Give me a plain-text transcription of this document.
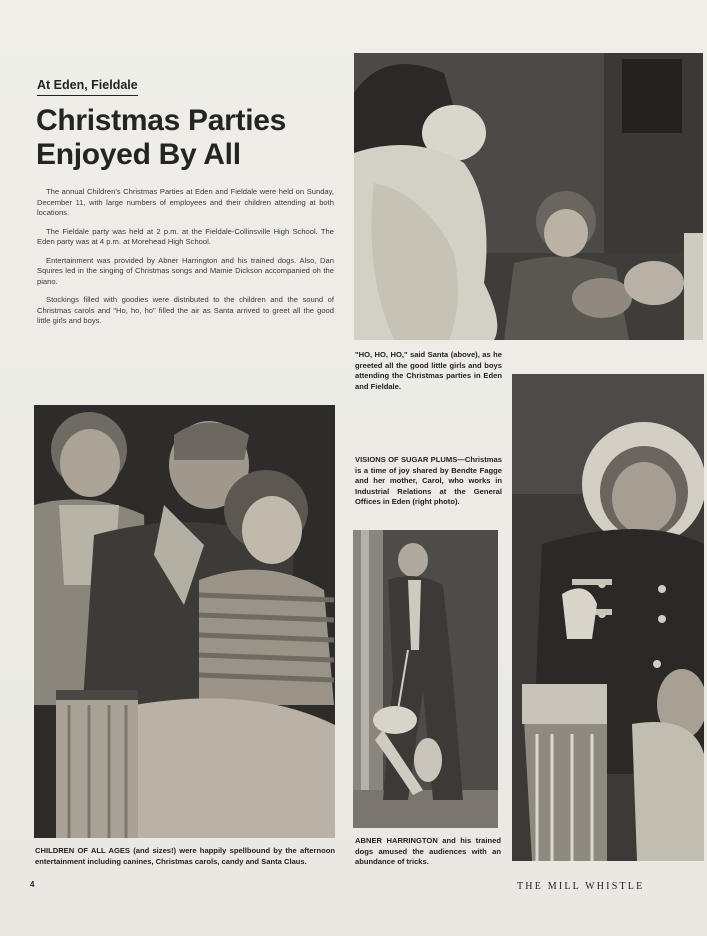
At Eden, Fieldale
Christmas Parties Enjoyed By All

The annual Children's Christmas Parties at Eden and Fieldale were held on Sunday, December 11, with large numbers of employees and their children attending at both locations.

The Fieldale party was held at 2 p.m. at the Fieldale-Collinsville High School. The Eden party was at 4 p.m. at Morehead High School.

Entertainment was provided by Abner Harrington and his trained dogs. Also, Dan Squires led in the singing of Christmas songs and Mamie Dickson accompanied oh the piano.

Stockings filled with goodies were distributed to the children and the sound of Christmas carols and "Ho, ho, ho" filled the air as Santa arrived to greet all the good little girls and boys.

"HO, HO, HO," said Santa (above), as he greeted all the good little girls and boys attending the Christmas parties in Eden and Fieldale.
VISIONS OF SUGAR PLUMS—Christmas is a time of joy shared by Bendte Fagge and her mother, Carol, who works in Industrial Relations at the General Offices in Eden (right photo).
CHILDREN OF ALL AGES (and sizes!) were happily spellbound by the afternoon entertainment including canines, Christmas carols, candy and Santa Claus.
ABNER HARRINGTON and his trained dogs amused the audiences with an abundance of tricks.
4	THE MILL WHISTLE
